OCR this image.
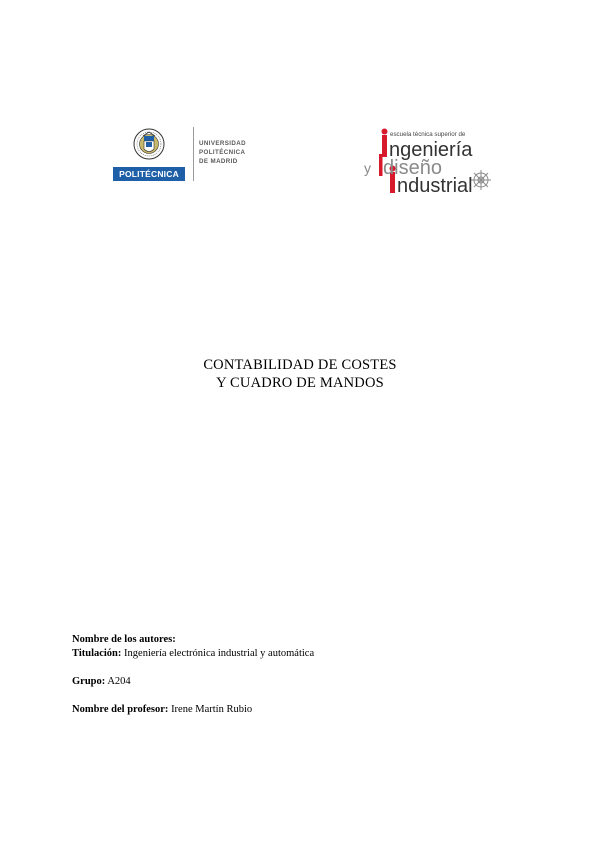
POLITÉCNICA
UNIVERSIDAD
POLITÉCNICA
DE MADRID
escuela técnica superior de
ngeniería
y diseño
ndustrial
CONTABILIDAD DE COSTES
Y CUADRO DE MANDOS
Nombre de los autores:
Titulación: Ingeniería electrónica industrial y automática
Grupo: A204
Nombre del profesor: Irene Martín Rubio
